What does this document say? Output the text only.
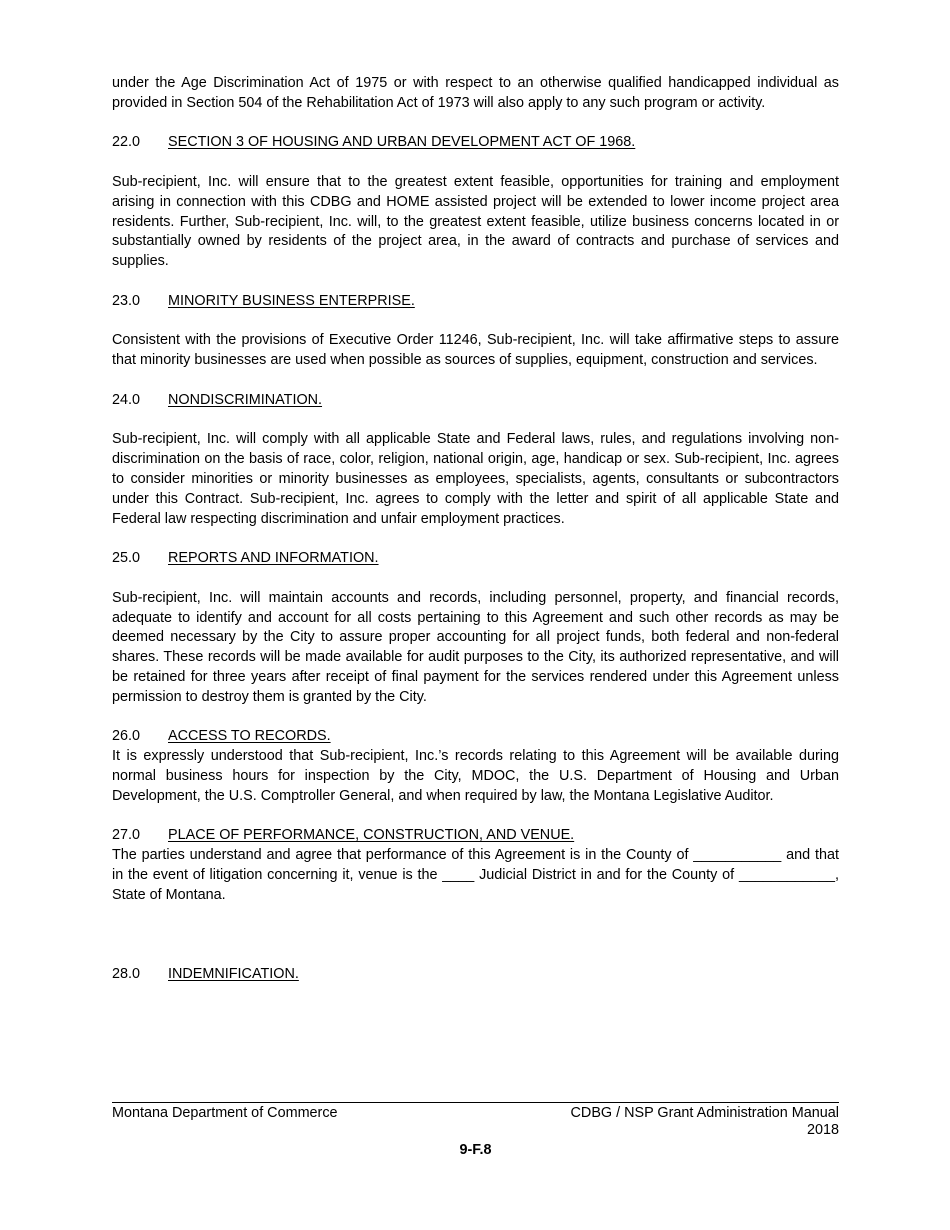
under the Age Discrimination Act of 1975 or with respect to an otherwise qualified handicapped individual as provided in Section 504 of the Rehabilitation Act of 1973 will also apply to any such program or activity.

22.0 SECTION 3 OF HOUSING AND URBAN DEVELOPMENT ACT OF 1968.

Sub-recipient, Inc. will ensure that to the greatest extent feasible, opportunities for training and employment arising in connection with this CDBG and HOME assisted project will be extended to lower income project area residents. Further, Sub-recipient, Inc. will, to the greatest extent feasible, utilize business concerns located in or substantially owned by residents of the project area, in the award of contracts and purchase of services and supplies.

23.0 MINORITY BUSINESS ENTERPRISE.

Consistent with the provisions of Executive Order 11246, Sub-recipient, Inc. will take affirmative steps to assure that minority businesses are used when possible as sources of supplies, equipment, construction and services.

24.0 NONDISCRIMINATION.

Sub-recipient, Inc. will comply with all applicable State and Federal laws, rules, and regulations involving non-discrimination on the basis of race, color, religion, national origin, age, handicap or sex. Sub-recipient, Inc. agrees to consider minorities or minority businesses as employees, specialists, agents, consultants or subcontractors under this Contract. Sub-recipient, Inc. agrees to comply with the letter and spirit of all applicable State and Federal law respecting discrimination and unfair employment practices.

25.0 REPORTS AND INFORMATION.

Sub-recipient, Inc. will maintain accounts and records, including personnel, property, and financial records, adequate to identify and account for all costs pertaining to this Agreement and such other records as may be deemed necessary by the City to assure proper accounting for all project funds, both federal and non-federal shares. These records will be made available for audit purposes to the City, its authorized representative, and will be retained for three years after receipt of final payment for the services rendered under this Agreement unless permission to destroy them is granted by the City.

26.0 ACCESS TO RECORDS.

It is expressly understood that Sub-recipient, Inc.’s records relating to this Agreement will be available during normal business hours for inspection by the City, MDOC, the U.S. Department of Housing and Urban Development, the U.S. Comptroller General, and when required by law, the Montana Legislative Auditor.

27.0 PLACE OF PERFORMANCE, CONSTRUCTION, AND VENUE.

The parties understand and agree that performance of this Agreement is in the County of ___________ and that in the event of litigation concerning it, venue is the ____ Judicial District in and for the County of ____________, State of Montana.

28.0 INDEMNIFICATION.
Montana Department of Commerce	CDBG / NSP Grant Administration Manual
2018
9-F.8
